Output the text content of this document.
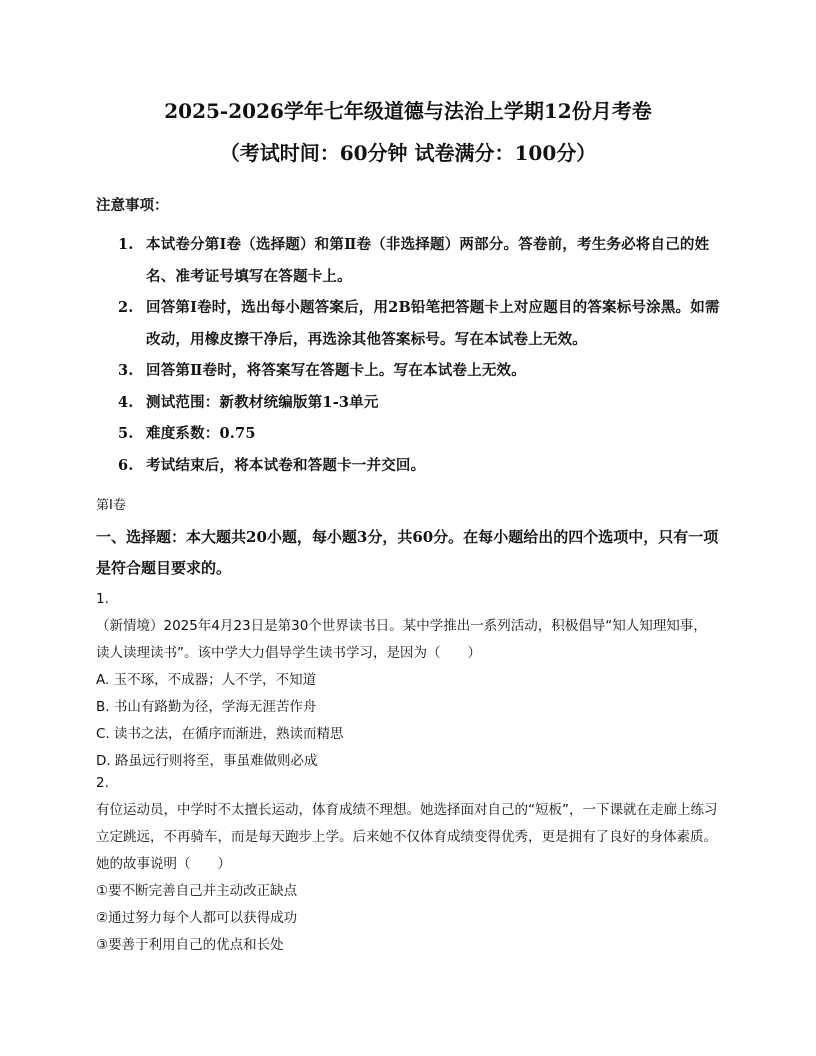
2025-2026学年七年级道德与法治上学期12份月考卷
（考试时间：60分钟 试卷满分：100分）
注意事项：
1. 本试卷分第Ⅰ卷（选择题）和第Ⅱ卷（非选择题）两部分。答卷前，考生务必将自己的姓名、准考证号填写在答题卡上。
2. 回答第Ⅰ卷时，选出每小题答案后，用2B铅笔把答题卡上对应题目的答案标号涂黑。如需改动，用橡皮擦干净后，再选涂其他答案标号。写在本试卷上无效。
3. 回答第Ⅱ卷时，将答案写在答题卡上。写在本试卷上无效。
4. 测试范围：新教材统编版第1-3单元
5. 难度系数：0.75
6. 考试结束后，将本试卷和答题卡一并交回。
第Ⅰ卷
一、选择题：本大题共20小题，每小题3分，共60分。在每小题给出的四个选项中，只有一项是符合题目要求的。
1.
（新情境）2025年4月23日是第30个世界读书日。某中学推出一系列活动，积极倡导“知人知理知事，读人读理读书”。该中学大力倡导学生读书学习，是因为（　　）
A. 玉不琢，不成器；人不学，不知道
B. 书山有路勤为径，学海无涯苦作舟
C. 读书之法，在循序而渐进，熟读而精思
D. 路虽远行则将至，事虽难做则必成
2.
有位运动员，中学时不太擅长运动，体育成绩不理想。她选择面对自己的“短板”，一下课就在走廊上练习立定跳远，不再骑车，而是每天跑步上学。后来她不仅体育成绩变得优秀，更是拥有了良好的身体素质。她的故事说明（　　）
①要不断完善自己并主动改正缺点
②通过努力每个人都可以获得成功
③要善于利用自己的优点和长处
